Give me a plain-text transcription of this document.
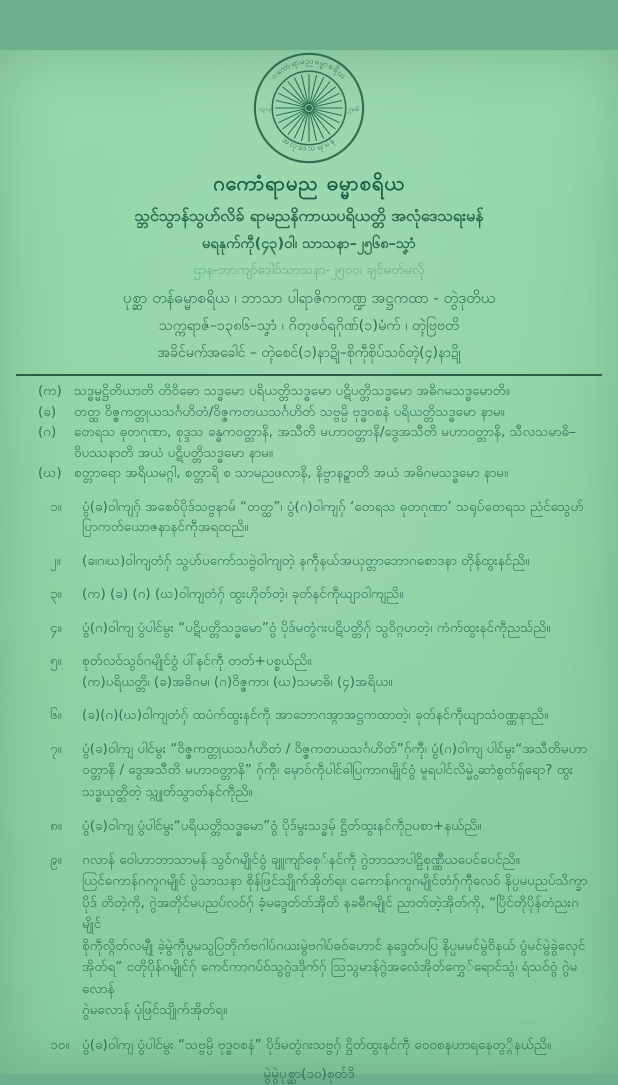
ဂကောံရာမညဓမ္မာစရိယ
အလုံဒေသရးမန်
၁၃၁၃	၂၅၀၆
ဂကောံရာမည ဓမ္မာစရိယ
သ္ဘင်သွာန်သွဟ်လိခ် ရာမညနိကာယပရိယတ္တိ အလုံဒေသရးမန်
မရနုက်ကဵု(၄၃)ဝါ၊ သာသနာ–၂၅၆၈–သၞာံ
ဌာန-ဘာကျာ်ဒေါဝ်သာသနာ-၂၅၀၀၊ ချင်မတ်မလို
ပုစ္ဆာ တန်ဓမ္မာစရိယ ၊ ဘာသာ ပါရာဇိကကဏ္ဍ အဋ္ဌကထာ - တွဲဒုတိယ
သက္ကရာဇ်–၁၃၈၆–သၞာံ ၊ ဂိတုဖဝ်ရဂိုဏ်(၁)မံက် ၊ တ္ၚဲဗြဗတိ
အခိင်မက်အခေါင် – တ္ၚဲစေင်(၁)နာဍို–စိုကဵုစိုပ်သဝ်တ္ၚဲ(၄)နာဍို
(က) သဒ္ဓမ္မဋ္ဌိတိယာတိ တိဝိဓော သဒ္ဓမော ပရိယတ္တိသဒ္ဓမော ပဋိပတ္တိသဒ္ဓမော အဓိဂမသဒ္ဓမောတိ။
(ခ)	တတ္ထ ဝိဇ္ဇကတ္တုယသင်္ဂဟိတံ/ဝိဇ္ဇကတယသင်္ဂဟိတ် သဗ္ဗမ္ပိ ဗုဒ္ဓဝစနံ ပရိယတ္တိသဒ္ဓမော နာမ။
(ဂ)	တေရသ ဓုတဂုဏာ, စုဒ္ဒသ ခန္ဓကဝတ္တာနိ, အသီတိ မဟာဝတ္တာနိ/ဒွေအသီတိ မဟာဝတ္တာနိ, သီလသမာဓိ–
ဝိပဿနာတိ အယံ ပဋိပတ္တိသဒ္ဓမော နာမ။
(ဃ) စတ္တာရော အရိယမဂ္ဂါ, စတ္တာရိ စ သာမညဖလာနိ, နိဗ္ဗာနဉ္စာတိ အယံ အဓိဂမသဒ္ဓမော နာမ။
၁။	ပွံ(ခ)ဝါကျဂှ် အစေဝ်ပိုဒ်သဗ္ဗနာမ် “တတ္ထ”၊ ပွံ(ဂ)ဝါကျဂှ် ‘တေရသ ဓုတဂုဏာ’ သရုပ်တေရသ ညံင်သွေဟ်
ပြာကတ်ယောဇနာနင်ကဵုအရထညိ။
၂။	(ခ၊ဂ၊ဃ)ဝါကျတံဂှ် သွဟ်ပကော်သဗ္ဗဲဝါကျတဲ့ နကဵုနယ်အယုတ္တာဘောဂစောဒနာ တိုန်ထွးနင်ညိ။
၃။	(က) (ခ) (ဂ) (ဃ)ဝါကျတံဂှ် ထွးဟိုတ်တဲ့၊ ခုတ်နင်ကဵုဃျာဝါကျညိ။
၄။	ပွံ(ဂ)ဝါကျ ပွံပါင်မွး “ပဋိပတ္တိသဒ္ဓမော”ဝွံ ပိုဒ်မတွံဂးပဋိပတ္တိဂှ် သွဝိဂ္ဂဟတဲ့၊ ကံက်ထွးနင်ကဵုညသ်ညိ။
၅။	စုတ်လဝ်သွဝ်ဂမျိုင်ဝွံ ပါ်နင်ကဵု တတ်+ပစ္စယ်ညိ။
(က)ပရိယတ္တိ၊ (ခ)အဓိဂမ၊ (ဂ)ဝိဇ္ဇကာ၊ (ဃ)သမာဓိ၊ (၄)အရိယ။
၆။	(ခ)(ဂ)(ဃ)ဝါကျတံဂှ် ထပံက်ထွးနင်ကဵု အာဘောဂအ္ဂာအဋ္ဌကထာတဲ့၊ ခုတ်နင်ကဵုဃျာသံဝဏ္ဏနာညိ။
၇။	ပွံ(ခ)ဝါကျ ပါင်မွး “ဝိဇ္ဇကတ္တုယသင်္ဂဟိတံ / ဝိဇ္ဇကတယသင်္ဂဟိတ်”ဂှ်ကီု၊ ပွံ(ဂ)ဝါကျ ပါင်မွး“အသီတိမဟာ
ဝတ္တာနိ / ဒွေအသီတိ မဟာဝတ္တာနိ” ဂှ်ကီု၊ မှောဝ်ကဵုပါင်ဓါပြကာဂမျိုင်ဝွံ မူရပါင်လိမ္မွဲ ဆာံစွတ်ရှ်ရော? ထွး
သဒ္ဓယုတ္တိတဲ့ သ္ဂျုတ်သွာတ်နင်ကဵုညိ။
၈။	ပွံ(ခ)ဝါကျ ပွံပါင်မွး“ပရိယတ္တိသဒ္ဓမော”ဝွံ ပိုဒ်မွးသဒ္ဓမှ် ဋ္ဌိတ်ထွးနင်ကဵုဥပစာ+နယ်ညိ။
၉။	ဂလာန် ဝေါဟာဘာသာမန် သွဝ်ဂမျိုင်ဝွံ ချူကျာ်စှေ်နင်ကဵု ဂွဲဘာသာပါဠိစုဏ္ဏီယပေင်ပေင်ညိ။
ယြင်ကောန်ဂကူဂမျိုင် ပွဲသာသနာ စိုန်ဖြင်သျိုက်အိုတ်ရ။ ငကောန်ဂကူဂမျိုင်တံဂှ်ကီုလေဝ် နိပ္ပမပညပ်သိက္ခာ
ပိုဒ် တိတဲ့ကို, ဂွဲအတိုင်မပညပ်လဝ်ဂှ် ခံ့မဒ္ဒေတ်တ်အိုတ် နခဓီဂမျိုင် ညာတ်တဲ့အိုတ်ကို, “ပြိင်တိုပိုန်တံညးဂမျိုင်
စိုကဵုလ္ဂိတ်လမျီု ခဲ့မွဲကဵုပွမသွပြဘိုက်ဗဂါပ်ဂယးမွဲဗဂါပ်ဓဝ်ဟောင် နဒ္ဒေတ်ပပြ နိပ္ပမမင်မွဲဝိနယ် ပွံမင်မွဲခွဲလှေင်
အိုတ်ရ” ငတိုပိုန်ဂမျိုင်ဂှ် ကေင်ကာဂပ်ဝ်သွဂွဲဒဒိုက်ဂှ် သြသွမာန်ဂွဲအလေံအိုတ်ကွှေ်ရောင်သွံ၊ ရံသဝ်ဝွံ ဂွဲမလောန်
ဂွဲမလောန် ပုံဖြင်သျိုက်အိုတ်ရ။
၁၀။ ပွံ(ခ)ဝါကျ ပွံပါင်မွး “သဗ္ဗမ္ပိ ဗုဒ္ဓဝစနံ” ပိုဒ်မတွံဂးသဗ္ဗဂှ် ဋ္ဌိတ်ထွးနင်ကဵု ဝေဝစနဟာရနေတွ္ဂိနယ်ညိ။
မွဲမွဲပုစ္ဆာ(၁၀)စုတ်ဒိ
